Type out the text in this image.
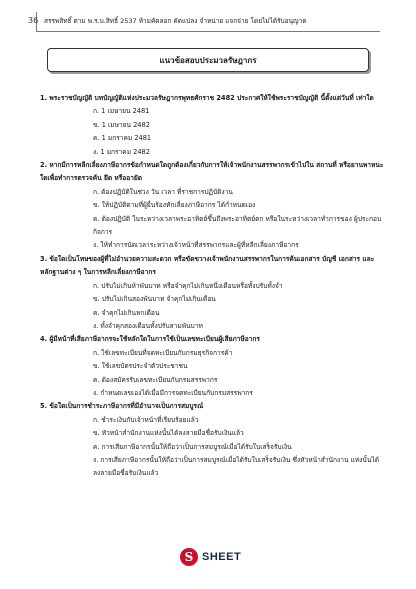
36 สรรพสิทธิ์ ตาม พ.ร.บ.สิทธิ์ 2537 ห้ามคัดลอก คัดแปลง จำหน่าย แจกจ่าย โดยไม่ได้รับอนุญาต
แนวข้อสอบประมวลรัษฎากร
1. พระราชบัญญัติ บทบัญญัติแห่งประมวลรัษฎากรพุทธศักราช 2482 ประกาศให้ใช้พระราชบัญญัติ นี้ตั้งแต่วันที่ เท่าใด
ก. 1 เมษายน 2481
ข. 1 เมษายน 2482
ค. 1 มกราคม 2481
ง. 1 มกราคม 2482
2. หากมีการหลีกเลี่ยงภาษีอากรข้อกำหนดใดถูกต้องเกี่ยวกับการให้เจ้าพนักงานสรรพากรเข้าไปใน สถานที่ หรือยานพาหนะใดเพื่อทำการตรวจค้น ยึด หรืออายัด
ก. ต้องปฏิบัติในช่วง วัน เวลา ที่ราชการปฏิบัติงาน
ข. ให้ปฏิบัติตามที่ผู้ยื่นร้องทักเลี่ยงภาษีอากร ได้กำหนดเอง
ค. ต้องปฏิบัติ ในระหว่างเวลาพระอาทิตย์ขึ้นถึงพระอาทิตย์ตก หรือในระหว่างเวลาทำการของ ผู้ประกอบกิจการ
ง. ให้ทำการนัดเวลาระหว่างเจ้าหน้าที่สรรพากรและผู้ที่หลีกเลี่ยงภาษีอากร
3. ข้อใดเป็นโทษของผู้ที่ไม่อำนวยความสะดวก หรือขัดขวางเจ้าพนักงานสรรพากรในการค้นเอกสาร บัญชี เอกสาร และหลักฐานต่าง ๆ ในการหลีกเลี่ยงภาษีอากร
ก. ปรับไม่เกินห้าพันบาท หรือจำคุกไม่เกินหนึ่งเดือนหรือทั้งปรับทั้งจำ
ข. ปรับไม่เกินสองพันบาท จำคุกไม่เกินเดือน
ค. จำคุกไม่เกินหกเดือน
ง. ทั้งจำคุกสองเดือนทั้งปรับสามพันบาท
4. ผู้มีหน้าที่เสียภาษีอากรจะใช้หลักใดในการใช้เป็นเลขทะเบียนผู้เสียภาษีอากร
ก. ใช้เลขทะเบียนที่จดทะเบียนกับกรมธุรกิจการค้า
ข. ใช้เลขบัตรประจำตัวประชาชน
ค. ต้องสมัครรับเลขทะเบียนกับกรมสรรพากร
ง. กำหนดเลขเองได้เมื่อมีการจดทะเบียนกับกรมสรรพากร
5. ข้อใดเป็นการชำระภาษีอากรที่มีอำนาจเป็นการสมบูรณ์
ก. ชำระเงินกับเจ้าหน้าที่เรียบร้อยแล้ว
ข. หัวหน้าสำนักงานแห่งนั้นได้ลงลายมือชื่อรับเงินแล้ว
ค. การเสียภาษีอากรนั้นให้ถือว่าเป็นการสมบูรณ์เมื่อได้รับใบเสร็จรับเงิน
ง. การเสียภาษีอากรนั้นให้ถือว่าเป็นการสมบูรณ์เมื่อได้รับใบเสร็จรับเงิน ซึ่งหัวหน้าสำนักงาน แห่งนั้นได้ลงลายมือชื่อรับเงินแล้ว
S SHEET
